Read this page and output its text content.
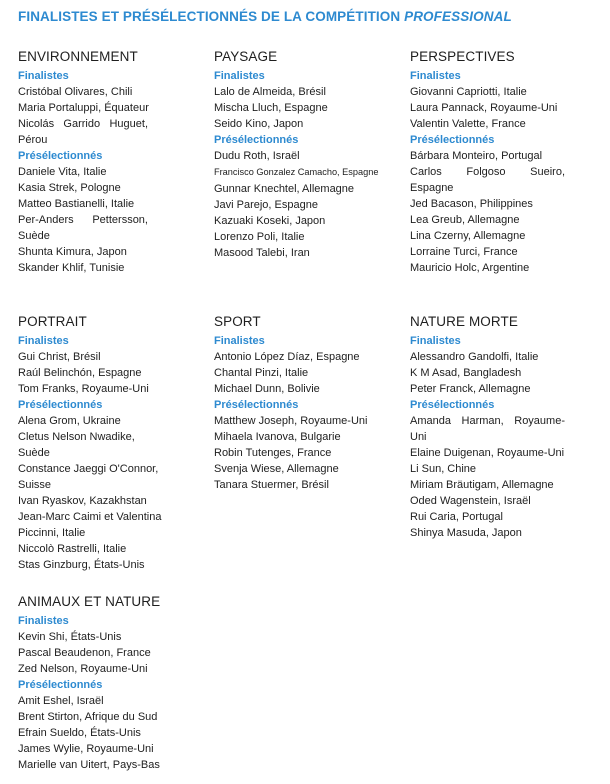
FINALISTES ET PRÉSÉLECTIONNÉS DE LA COMPÉTITION PROFESSIONAL
ENVIRONNEMENT
Finalistes
Cristóbal Olivares, Chili
Maria Portaluppi, Équateur
Nicolás Garrido Huguet, Pérou
Présélectionnés
Daniele Vita, Italie
Kasia Strek, Pologne
Matteo Bastianelli, Italie
Per-Anders Pettersson, Suède
Shunta Kimura, Japon
Skander Khlif, Tunisie
PAYSAGE
Finalistes
Lalo de Almeida, Brésil
Mischa Lluch, Espagne
Seido Kino, Japon
Présélectionnés
Dudu Roth, Israël
Francisco Gonzalez Camacho, Espagne
Gunnar Knechtel, Allemagne
Javi Parejo, Espagne
Kazuaki Koseki, Japon
Lorenzo Poli, Italie
Masood Talebi, Iran
PERSPECTIVES
Finalistes
Giovanni Capriotti, Italie
Laura Pannack, Royaume-Uni
Valentin Valette, France
Présélectionnés
Bárbara Monteiro, Portugal
Carlos Folgoso Sueiro, Espagne
Jed Bacason, Philippines
Lea Greub, Allemagne
Lina Czerny, Allemagne
Lorraine Turci, France
Mauricio Holc, Argentine
PORTRAIT
Finalistes
Gui Christ, Brésil
Raúl Belinchón, Espagne
Tom Franks, Royaume-Uni
Présélectionnés
Alena Grom, Ukraine
Cletus Nelson Nwadike, Suède
Constance Jaeggi O'Connor, Suisse
Ivan Ryaskov, Kazakhstan
Jean-Marc Caimi et Valentina Piccinni, Italie
Niccolò Rastrelli, Italie
Stas Ginzburg, États-Unis
SPORT
Finalistes
Antonio López Díaz, Espagne
Chantal Pinzi, Italie
Michael Dunn, Bolivie
Présélectionnés
Matthew Joseph, Royaume-Uni
Mihaela Ivanova, Bulgarie
Robin Tutenges, France
Svenja Wiese, Allemagne
Tanara Stuermer, Brésil
NATURE MORTE
Finalistes
Alessandro Gandolfi, Italie
K M Asad, Bangladesh
Peter Franck, Allemagne
Présélectionnés
Amanda Harman, Royaume-Uni
Elaine Duigenan, Royaume-Uni
Li Sun, Chine
Miriam Bräutigam, Allemagne
Oded Wagenstein, Israël
Rui Caria, Portugal
Shinya Masuda, Japon
ANIMAUX ET NATURE
Finalistes
Kevin Shi, États-Unis
Pascal Beaudenon, France
Zed Nelson, Royaume-Uni
Présélectionnés
Amit Eshel, Israël
Brent Stirton, Afrique du Sud
Efrain Sueldo, États-Unis
James Wylie, Royaume-Uni
Marielle van Uitert, Pays-Bas
